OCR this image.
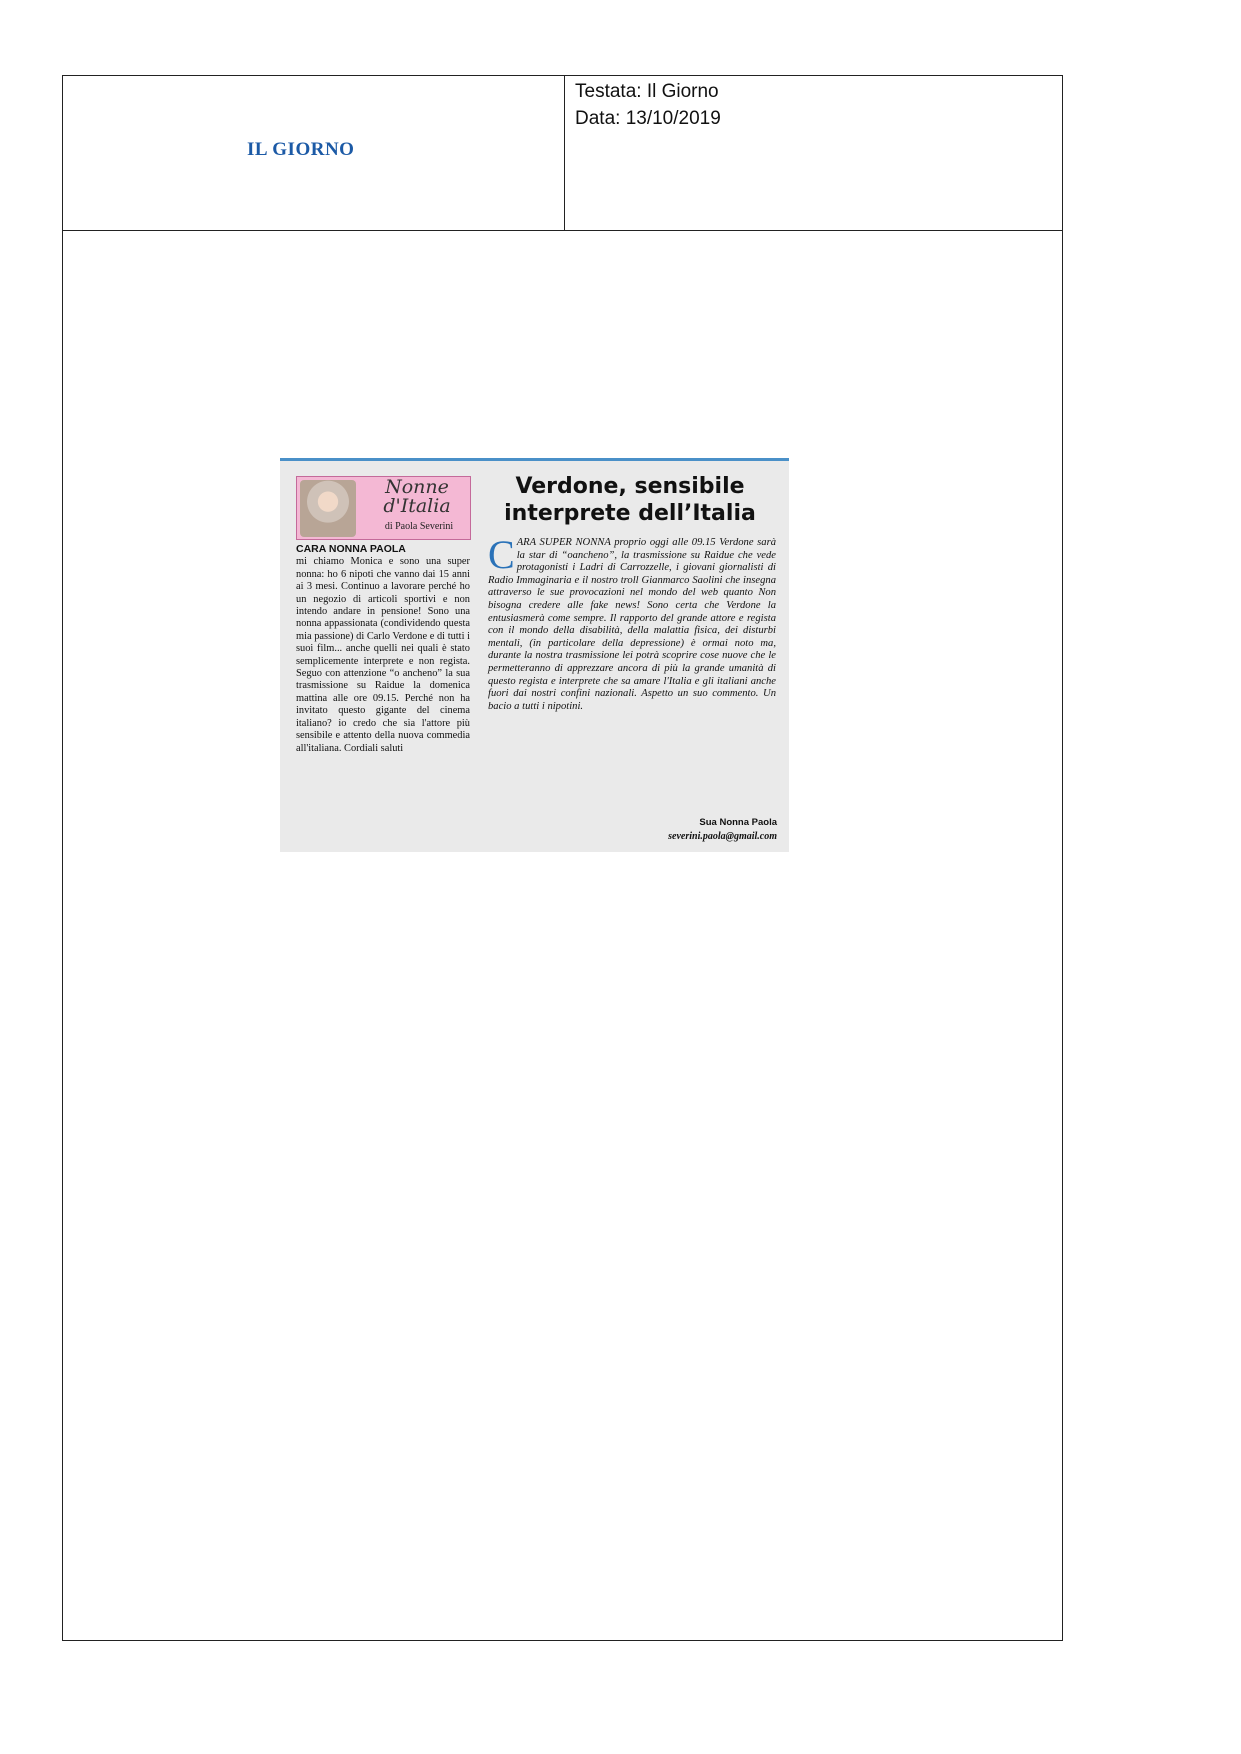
IL GIORNO
Testata: Il Giorno
Data: 13/10/2019
Nonne
d'Italia
di Paola Severini
CARA NONNA PAOLA
mi chiamo Monica e sono una super nonna: ho 6 nipoti che vanno dai 15 anni ai 3 mesi. Continuo a lavorare perché ho un negozio di articoli sportivi e non intendo andare in pensione! Sono una nonna appassionata (condividendo questa mia passione) di Carlo Verdone e di tutti i suoi film... anche quelli nei quali è stato semplicemente interprete e non regista. Seguo con attenzione “o ancheno” la sua trasmissione su Raidue la domenica mattina alle ore 09.15. Perché non ha invitato questo gigante del cinema italiano? io credo che sia l'attore più sensibile e attento della nuova commedia all'italiana. Cordiali saluti
Verdone, sensibile
interprete dell’Italia
C ARA SUPER NONNA proprio oggi alle 09.15 Verdone sarà la star di “oancheno”, la trasmissione su Raidue che vede protagonisti i Ladri di Carrozzelle, i giovani giornalisti di Radio Immaginaria e il nostro troll Gianmarco Saolini che insegna attraverso le sue provocazioni nel mondo del web quanto Non bisogna credere alle fake news! Sono certa che Verdone la entusiasmerà come sempre. Il rapporto del grande attore e regista con il mondo della disabilità, della malattia fisica, dei disturbi mentali, (in particolare della depressione) è ormai noto ma, durante la nostra trasmissione lei potrà scoprire cose nuove che le permetteranno di apprezzare ancora di più la grande umanità di questo regista e interprete che sa amare l'Italia e gli italiani anche fuori dai nostri confini nazionali. Aspetto un suo commento. Un bacio a tutti i nipotini.
Sua Nonna Paola
severini.paola@gmail.com
